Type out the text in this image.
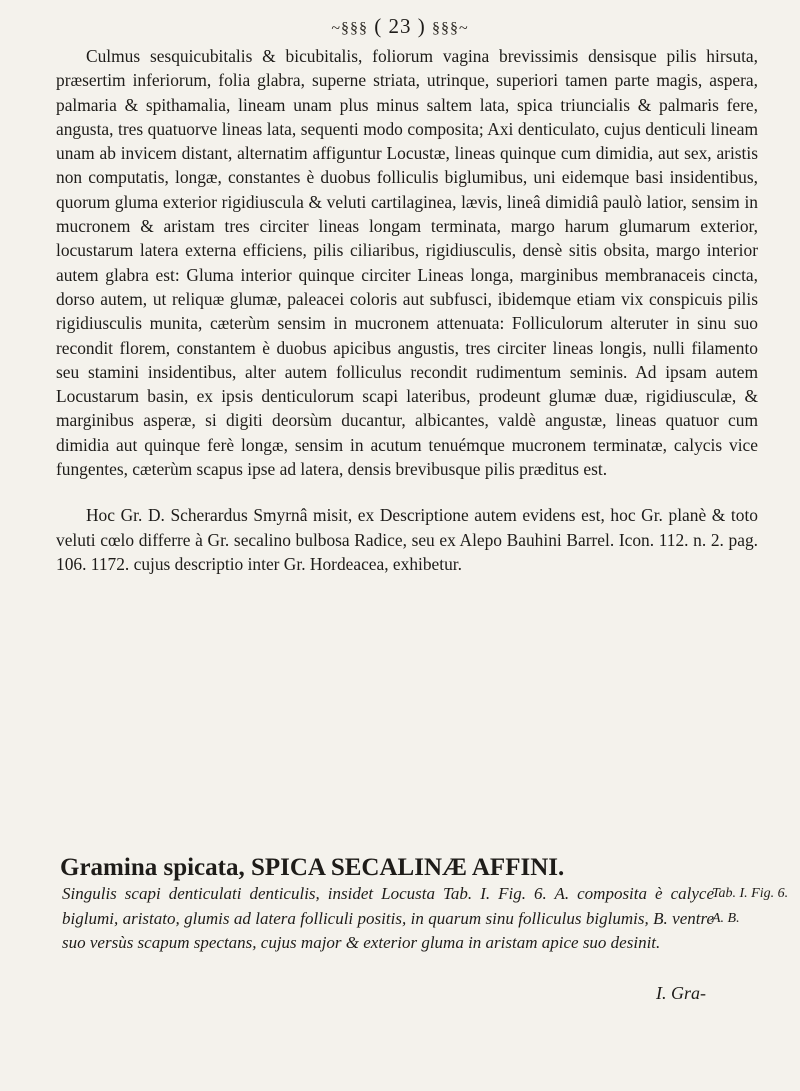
~§§§ ( 23 ) §§§~

Culmus sesquicubitalis & bicubitalis, foliorum vagina brevissimis densisque pilis hirsuta, præsertim inferiorum, folia glabra, superne striata, utrinque, superiori tamen parte magis, aspera, palmaria & spithamalia, lineam unam plus minus saltem lata, spica triuncialis & palmaris fere, angusta, tres quatuorve lineas lata, sequenti modo composita; Axi denticulato, cujus denticuli lineam unam ab invicem distant, alternatim affiguntur Locustæ, lineas quinque cum dimidia, aut sex, aristis non computatis, longæ, constantes è duobus folliculis biglumibus, uni eidemque basi insidentibus, quorum gluma exterior rigidiusculа & veluti cartilaginea, lævis, lineâ dimidiâ paulò latior, sensim in mucronem & aristam tres circiter lineas longam terminata, margo harum glumarum exterior, locustarum latera externa efficiens, pilis ciliaribus, rigidiusculis, densè sitis obsita, margo interior autem glabra est: Gluma interior quinque circiter Lineas longa, marginibus membranaceis cincta, dorso autem, ut reliquæ glumæ, paleacei coloris aut subfusci, ibidemque etiam vix conspicuis pilis rigidiusculis munita, cæterùm sensim in mucronem attenuata: Folliculorum alteruter in sinu suo recondit florem, constantem è duobus apicibus angustis, tres circiter lineas longis, nulli filamento seu stamini insidentibus, alter autem folliculus recondit rudimentum seminis. Ad ipsam autem Locustarum basin, ex ipsis denticulorum scapi lateribus, prodeunt glumæ duæ, rigidiusculæ, & marginibus asperæ, si digiti deorsùm ducantur, albicantes, valdè angustæ, lineas quatuor cum dimidia aut quinque ferè longæ, sensim in acutum tenuémque mucronem terminatæ, calycis vice fungentes, cæterùm scapus ipse ad latera, densis brevibusque pilis præditus est.

Hoc Gr. D. Scherardus Smyrnâ misit, ex Descriptione autem evidens est, hoc Gr. planè & toto veluti cœlo differre à Gr. secalino bulbosa Radice, seu ex Alepo Bauhini Barrel. Icon. 112. n. 2. pag. 106. 1172. cujus descriptio inter Gr. Hordeacea, exhibetur.

Gramina spicata, SPICA SECALINÆ AFFINI.
Singulis scapi denticulati denticulis, insidet Locusta Tab. I. Fig. 6. A. composita è calyce biglumi, aristato, glumis ad latera folliculi positis, in quarum sinu folliculus biglumis, B. ventre suo versùs scapum spectans, cujus major & exterior gluma in aristam apice suo desinit.
Tab. I. Fig. 6.
A. B.
I. Gra-
